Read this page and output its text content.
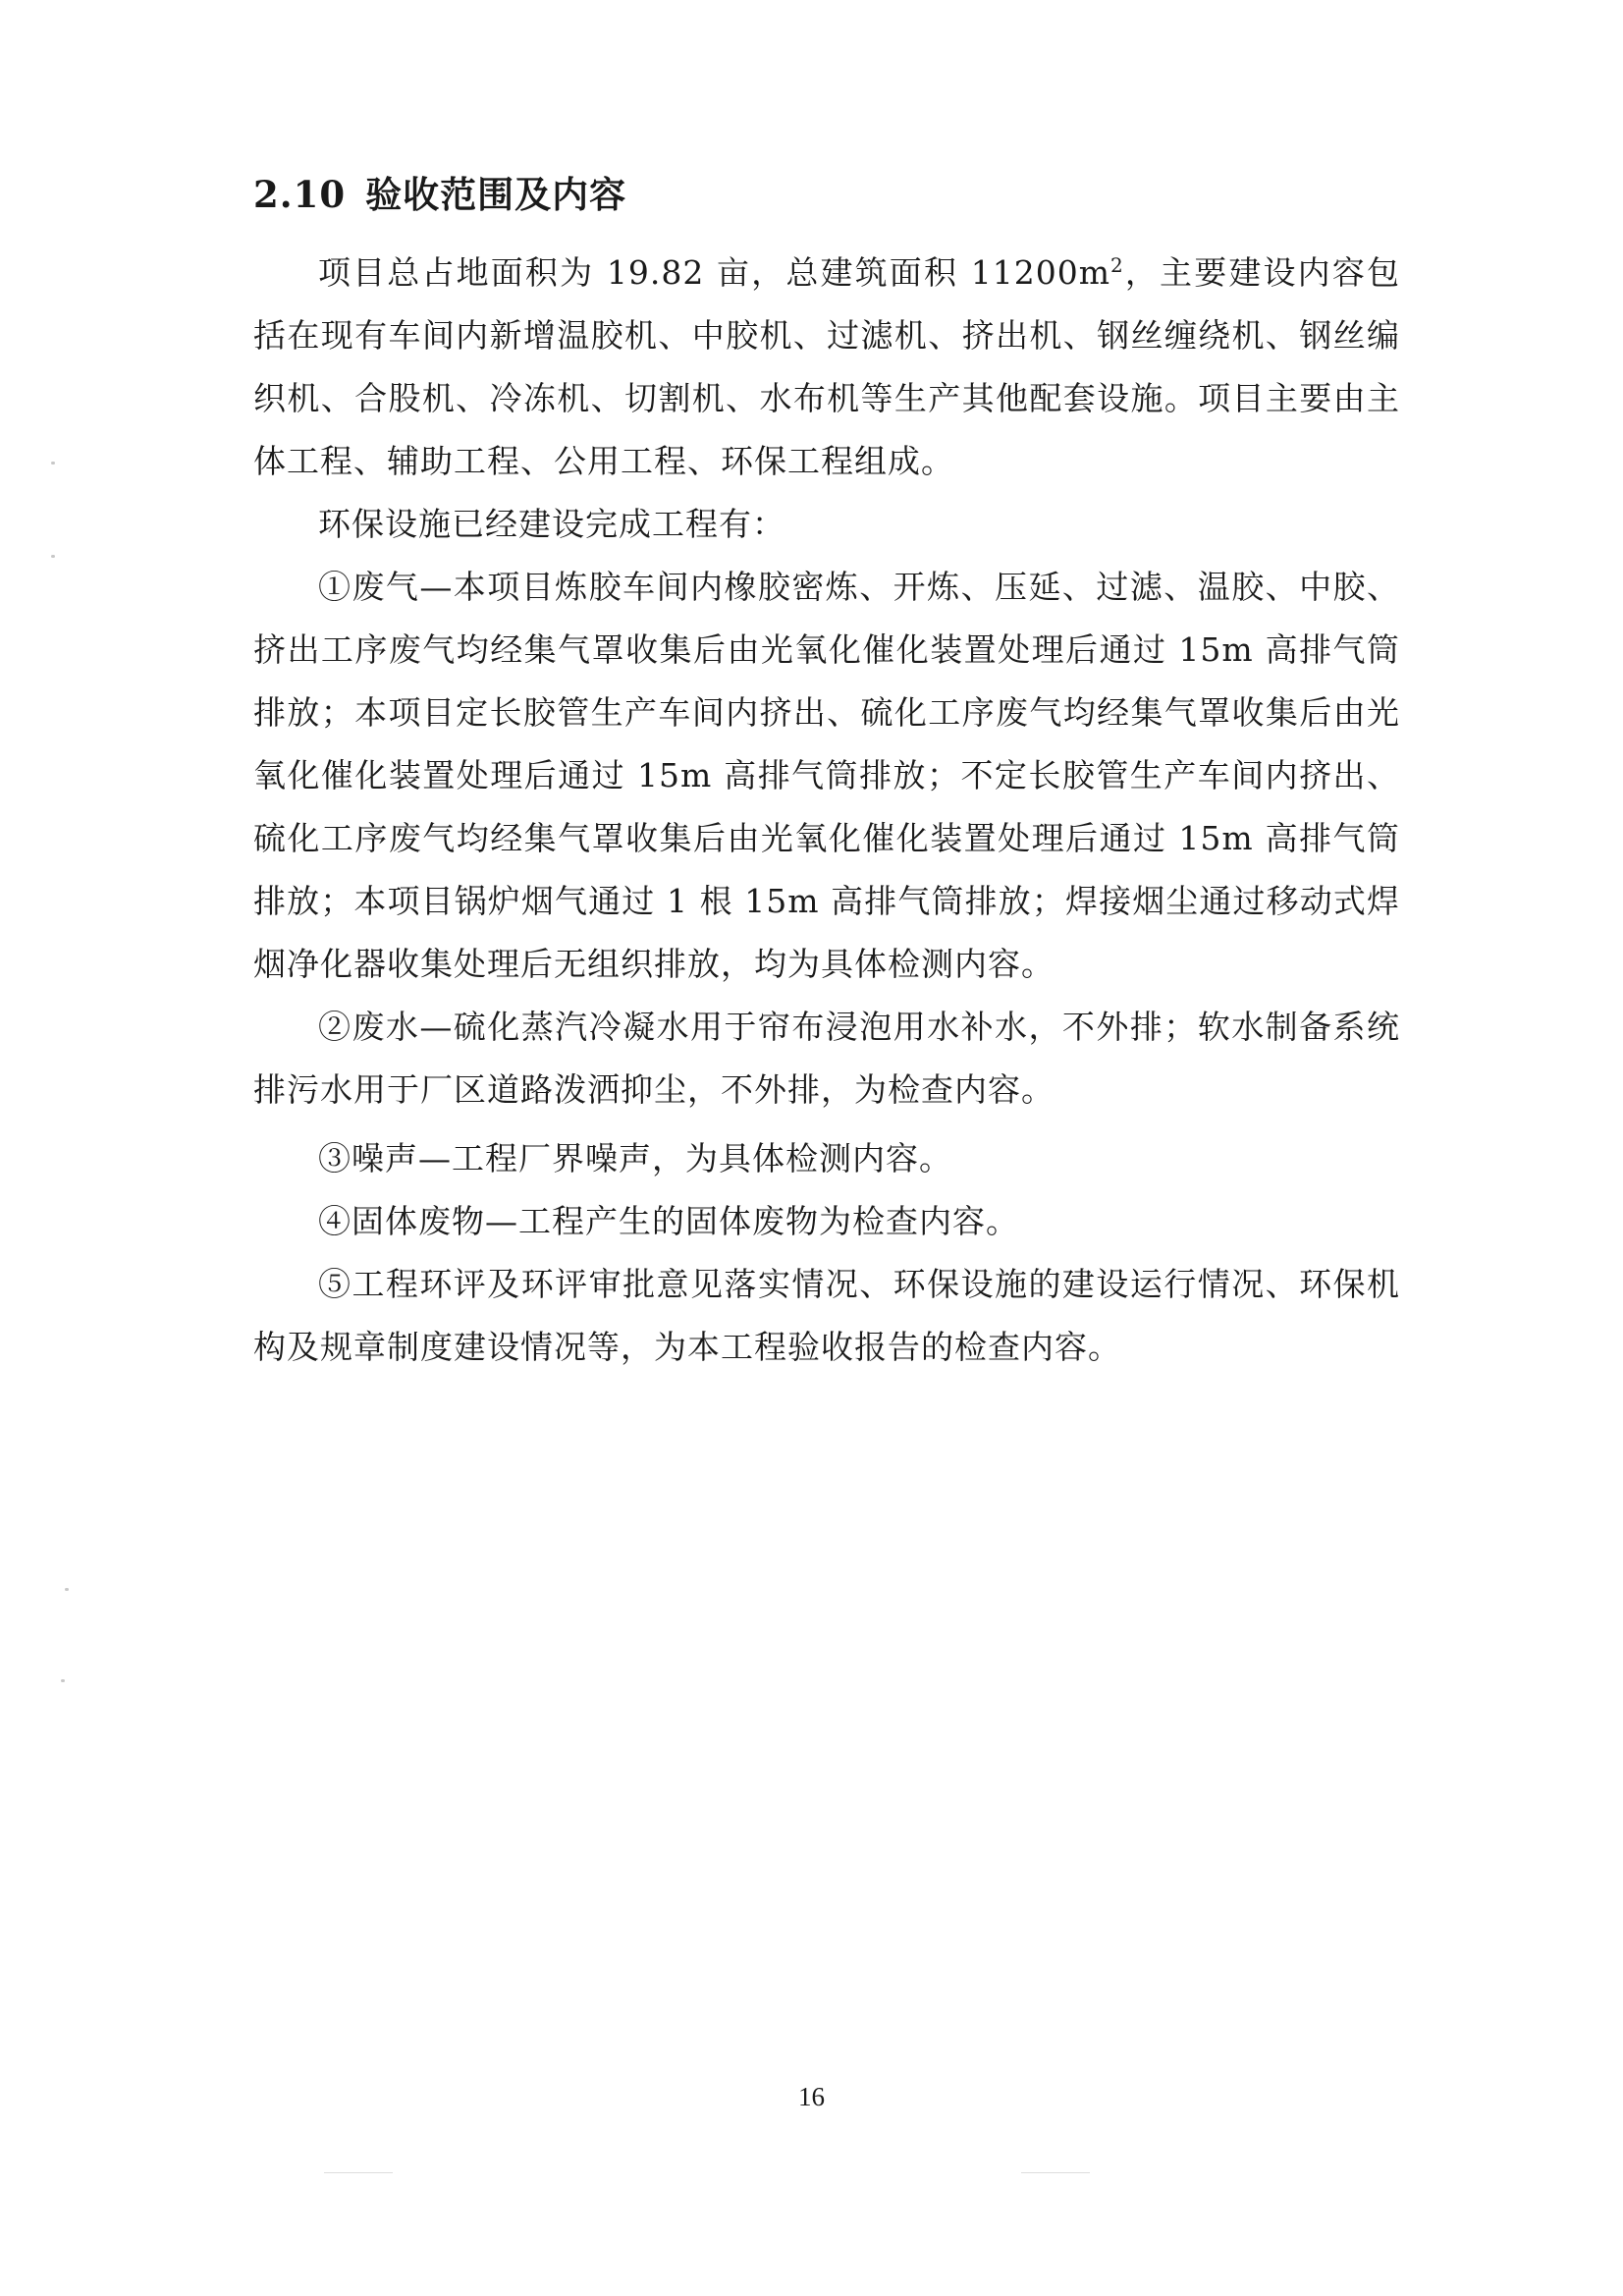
2.10 验收范围及内容

项目总占地面积为 19.82 亩，总建筑面积 $11200m^2$，主要建设内容包括在现有车间内新增温胶机、中胶机、过滤机、挤出机、钢丝缠绕机、钢丝编织机、合股机、冷冻机、切割机、水布机等生产其他配套设施。项目主要由主体工程、辅助工程、公用工程、环保工程组成。

环保设施已经建设完成工程有：

①废气—本项目炼胶车间内橡胶密炼、开炼、压延、过滤、温胶、中胶、挤出工序废气均经集气罩收集后由光氧化催化装置处理后通过 15m 高排气筒排放；本项目定长胶管生产车间内挤出、硫化工序废气均经集气罩收集后由光氧化催化装置处理后通过 15m 高排气筒排放；不定长胶管生产车间内挤出、硫化工序废气均经集气罩收集后由光氧化催化装置处理后通过 15m 高排气筒排放；本项目锅炉烟气通过 1 根 15m 高排气筒排放；焊接烟尘通过移动式焊烟净化器收集处理后无组织排放，均为具体检测内容。

②废水—硫化蒸汽冷凝水用于帘布浸泡用水补水，不外排；软水制备系统排污水用于厂区道路泼洒抑尘，不外排，为检查内容。

③噪声—工程厂界噪声，为具体检测内容。

④固体废物—工程产生的固体废物为检查内容。

⑤工程环评及环评审批意见落实情况、环保设施的建设运行情况、环保机构及规章制度建设情况等，为本工程验收报告的检查内容。

16
